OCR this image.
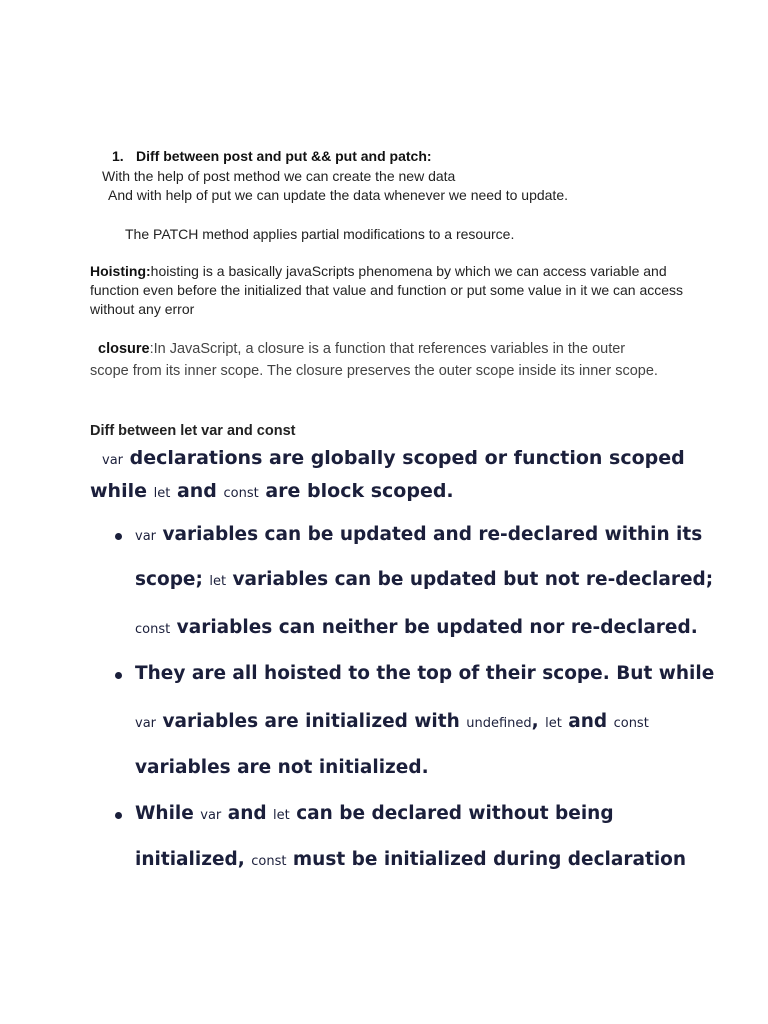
1. Diff between post and put && put and patch:
With the help of post method we can create the new data
And with help of put we can update the data whenever we need to update.
The PATCH method applies partial modifications to a resource.
Hoisting:hoisting is a basically javaScripts phenomena by which we can access variable and function even before the initialized that value and function or put some value in it we can access without any error
closure:In JavaScript, a closure is a function that references variables in the outer scope from its inner scope. The closure preserves the outer scope inside its inner scope.
Diff between let var and const
var declarations are globally scoped or function scoped
while let and const are block scoped.
var variables can be updated and re-declared within its
scope; let variables can be updated but not re-declared;
const variables can neither be updated nor re-declared.
They are all hoisted to the top of their scope. But while
var variables are initialized with undefined, let and const
variables are not initialized.
While var and let can be declared without being
initialized, const must be initialized during declaration
